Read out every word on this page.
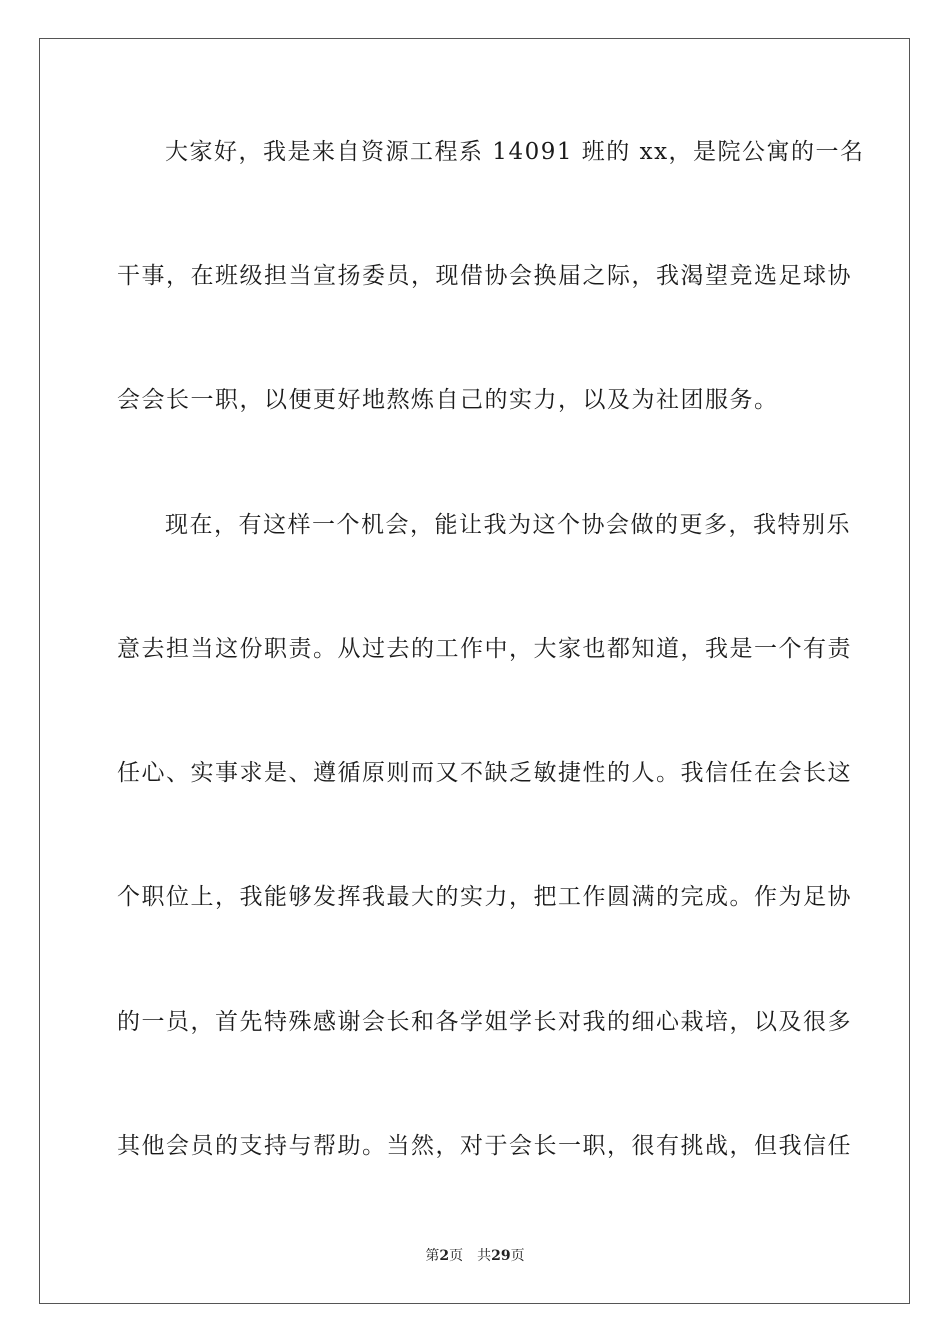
大家好，我是来自资源工程系 14091 班的 xx，是院公寓的一名
干事，在班级担当宣扬委员，现借协会换届之际，我渴望竞选足球协
会会长一职，以便更好地熬炼自己的实力，以及为社团服务。
现在，有这样一个机会，能让我为这个协会做的更多，我特别乐
意去担当这份职责。从过去的工作中，大家也都知道，我是一个有责
任心、实事求是、遵循原则而又不缺乏敏捷性的人。我信任在会长这
个职位上，我能够发挥我最大的实力，把工作圆满的完成。作为足协
的一员，首先特殊感谢会长和各学姐学长对我的细心栽培，以及很多
其他会员的支持与帮助。当然，对于会长一职，很有挑战，但我信任
第2页 共29页
